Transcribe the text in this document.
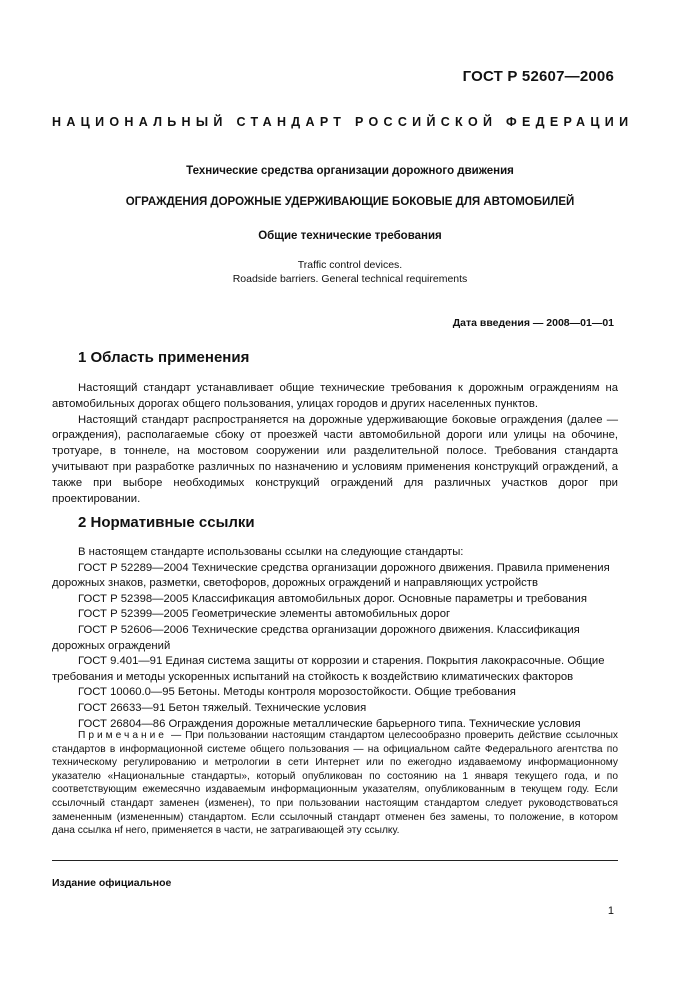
ГОСТ Р 52607—2006
НАЦИОНАЛЬНЫЙ СТАНДАРТ РОССИЙСКОЙ ФЕДЕРАЦИИ
Технические средства организации дорожного движения
ОГРАЖДЕНИЯ ДОРОЖНЫЕ УДЕРЖИВАЮЩИЕ БОКОВЫЕ ДЛЯ АВТОМОБИЛЕЙ
Общие технические требования
Traffic control devices.
Roadside barriers. General technical requirements
Дата введения — 2008—01—01
1 Область применения

Настоящий стандарт устанавливает общие технические требования к дорожным ограждениям на автомобильных дорогах общего пользования, улицах городов и других населенных пунктов.

Настоящий стандарт распространяется на дорожные удерживающие боковые ограждения (далее — ограждения), располагаемые сбоку от проезжей части автомобильной дороги или улицы на обочине, тротуаре, в тоннеле, на мостовом сооружении или разделительной полосе. Требования стандарта учитывают при разработке различных по назначению и условиям применения конструкций ограждений, а также при выборе необходимых конструкций ограждений для различных участков дорог при проектировании.

2 Нормативные ссылки

В настоящем стандарте использованы ссылки на следующие стандарты:

ГОСТ Р 52289—2004 Технические средства организации дорожного движения. Правила применения дорожных знаков, разметки, светофоров, дорожных ограждений и направляющих устройств

ГОСТ Р 52398—2005 Классификация автомобильных дорог. Основные параметры и требования

ГОСТ Р 52399—2005 Геометрические элементы автомобильных дорог

ГОСТ Р 52606—2006 Технические средства организации дорожного движения. Классификация дорожных ограждений

ГОСТ 9.401—91 Единая система защиты от коррозии и старения. Покрытия лакокрасочные. Общие требования и методы ускоренных испытаний на стойкость к воздействию климатических факторов

ГОСТ 10060.0—95 Бетоны. Методы контроля морозостойкости. Общие требования

ГОСТ 26633—91 Бетон тяжелый. Технические условия

ГОСТ 26804—86 Ограждения дорожные металлические барьерного типа. Технические условия

Примечание — При пользовании настоящим стандартом целесообразно проверить действие ссылочных стандартов в информационной системе общего пользования — на официальном сайте Федерального агентства по техническому регулированию и метрологии в сети Интернет или по ежегодно издаваемому информационному указателю «Национальные стандарты», который опубликован по состоянию на 1 января текущего года, и по соответствующим ежемесячно издаваемым информационным указателям, опубликованным в текущем году. Если ссылочный стандарт заменен (изменен), то при пользовании настоящим стандартом следует руководствоваться замененным (измененным) стандартом. Если ссылочный стандарт отменен без замены, то положение, в котором дана ссылка нf него, применяется в части, не затрагивающей эту ссылку.

Издание официальное
1
